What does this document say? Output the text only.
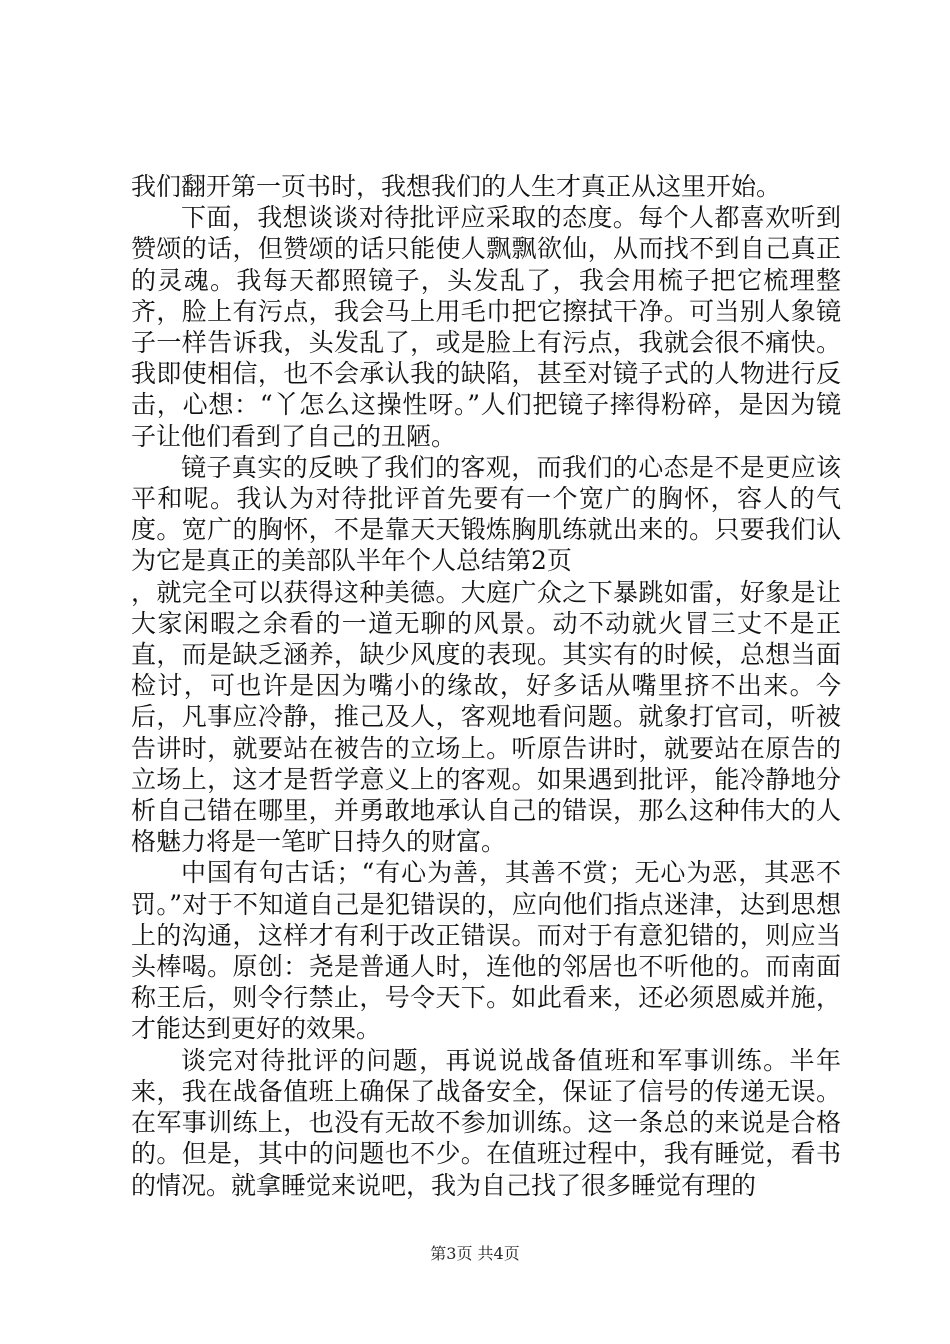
我们翻开第一页书时，我想我们的人生才真正从这里开始。

下面，我想谈谈对待批评应采取的态度。每个人都喜欢听到赞颂的话，但赞颂的话只能使人飘飘欲仙，从而找不到自己真正的灵魂。我每天都照镜子，头发乱了，我会用梳子把它梳理整齐，脸上有污点，我会马上用毛巾把它擦拭干净。可当别人象镜子一样告诉我，头发乱了，或是脸上有污点，我就会很不痛快。我即使相信，也不会承认我的缺陷，甚至对镜子式的人物进行反击，心想：“丫怎么这操性呀。”人们把镜子摔得粉碎，是因为镜子让他们看到了自己的丑陋。

镜子真实的反映了我们的客观，而我们的心态是不是更应该平和呢。我认为对待批评首先要有一个宽广的胸怀，容人的气度。宽广的胸怀，不是靠天天锻炼胸肌练就出来的。只要我们认为它是真正的美部队半年个人总结第2页

，就完全可以获得这种美德。大庭广众之下暴跳如雷，好象是让大家闲暇之余看的一道无聊的风景。动不动就火冒三丈不是正直，而是缺乏涵养，缺少风度的表现。其实有的时候，总想当面检讨，可也许是因为嘴小的缘故，好多话从嘴里挤不出来。今后，凡事应冷静，推己及人，客观地看问题。就象打官司，听被告讲时，就要站在被告的立场上。听原告讲时，就要站在原告的立场上，这才是哲学意义上的客观。如果遇到批评，能冷静地分析自己错在哪里，并勇敢地承认自己的错误，那么这种伟大的人格魅力将是一笔旷日持久的财富。

中国有句古话；“有心为善，其善不赏；无心为恶，其恶不罚。”对于不知道自己是犯错误的，应向他们指点迷津，达到思想上的沟通，这样才有利于改正错误。而对于有意犯错的，则应当头棒喝。原创：尧是普通人时，连他的邻居也不听他的。而南面称王后，则令行禁止，号令天下。如此看来，还必须恩威并施，才能达到更好的效果。

谈完对待批评的问题，再说说战备值班和军事训练。半年来，我在战备值班上确保了战备安全，保证了信号的传递无误。在军事训练上，也没有无故不参加训练。这一条总的来说是合格的。但是，其中的问题也不少。在值班过程中，我有睡觉，看书的情况。就拿睡觉来说吧，我为自己找了很多睡觉有理的

第3页 共4页
